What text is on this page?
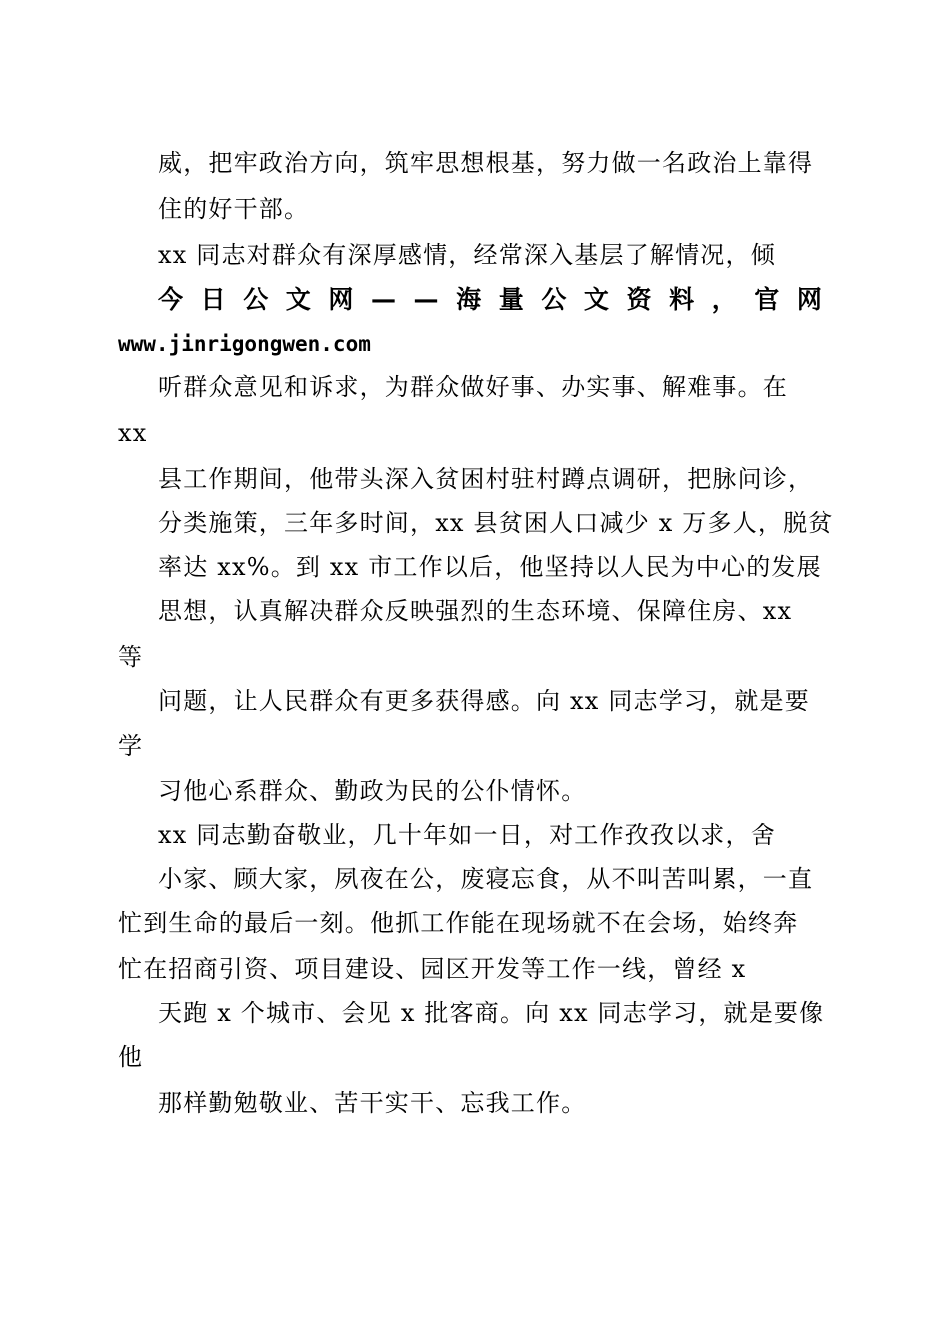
威，把牢政治方向，筑牢思想根基，努力做一名政治上靠得
住的好干部。
xx 同志对群众有深厚感情，经常深入基层了解情况，倾
今 日 公 文 网 — — 海 量 公 文 资 料 ， 官 网
www.jinrigongwen.com
听群众意见和诉求，为群众做好事、办实事、解难事。在
xx
县工作期间，他带头深入贫困村驻村蹲点调研，把脉问诊，
分类施策，三年多时间，xx 县贫困人口减少 x 万多人，脱贫
率达 xx%。到 xx 市工作以后，他坚持以人民为中心的发展
思想，认真解决群众反映强烈的生态环境、保障住房、xx
等
问题，让人民群众有更多获得感。向 xx 同志学习，就是要
学
习他心系群众、勤政为民的公仆情怀。
xx 同志勤奋敬业，几十年如一日，对工作孜孜以求，舍
小家、顾大家，夙夜在公，废寝忘食，从不叫苦叫累，一直
忙到生命的最后一刻。他抓工作能在现场就不在会场，始终奔
忙在招商引资、项目建设、园区开发等工作一线，曾经 x
天跑 x 个城市、会见 x 批客商。向 xx 同志学习，就是要像
他
那样勤勉敬业、苦干实干、忘我工作。
